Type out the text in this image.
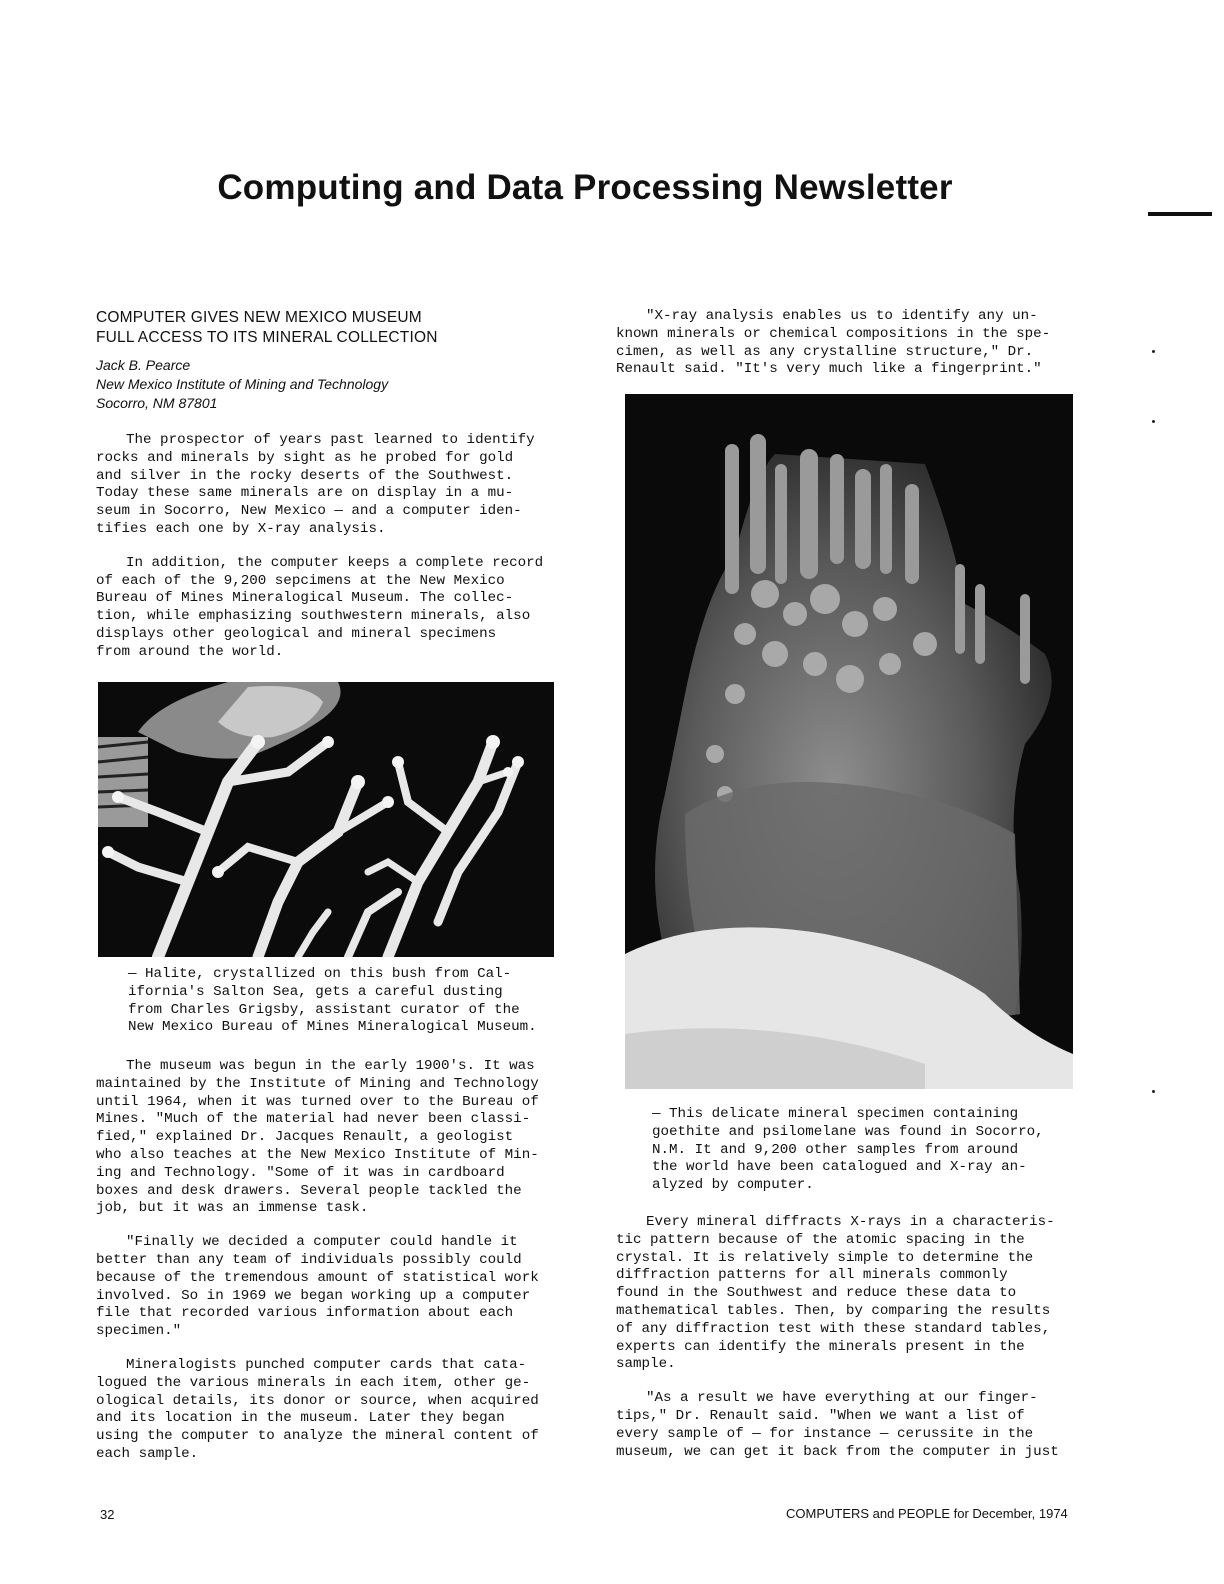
Computing and Data Processing Newsletter

COMPUTER GIVES NEW MEXICO MUSEUM
FULL ACCESS TO ITS MINERAL COLLECTION

Jack B. Pearce
New Mexico Institute of Mining and Technology
Socorro, NM 87801

The prospector of years past learned to identify
rocks and minerals by sight as he probed for gold
and silver in the rocky deserts of the Southwest.
Today these same minerals are on display in a mu-
seum in Socorro, New Mexico — and a computer iden-
tifies each one by X-ray analysis.

In addition, the computer keeps a complete record
of each of the 9,200 sepcimens at the New Mexico
Bureau of Mines Mineralogical Museum. The collec-
tion, while emphasizing southwestern minerals, also
displays other geological and mineral specimens
from around the world.

— Halite, crystallized on this bush from Cal-
ifornia's Salton Sea, gets a careful dusting
from Charles Grigsby, assistant curator of the
New Mexico Bureau of Mines Mineralogical Museum.

The museum was begun in the early 1900's. It was
maintained by the Institute of Mining and Technology
until 1964, when it was turned over to the Bureau of
Mines. "Much of the material had never been classi-
fied," explained Dr. Jacques Renault, a geologist
who also teaches at the New Mexico Institute of Min-
ing and Technology. "Some of it was in cardboard
boxes and desk drawers. Several people tackled the
job, but it was an immense task.

"Finally we decided a computer could handle it
better than any team of individuals possibly could
because of the tremendous amount of statistical work
involved. So in 1969 we began working up a computer
file that recorded various information about each
specimen."

Mineralogists punched computer cards that cata-
logued the various minerals in each item, other ge-
ological details, its donor or source, when acquired
and its location in the museum. Later they began
using the computer to analyze the mineral content of
each sample.

"X-ray analysis enables us to identify any un-
known minerals or chemical compositions in the spe-
cimen, as well as any crystalline structure," Dr.
Renault said. "It's very much like a fingerprint."

— This delicate mineral specimen containing
goethite and psilomelane was found in Socorro,
N.M. It and 9,200 other samples from around
the world have been catalogued and X-ray an-
alyzed by computer.

Every mineral diffracts X-rays in a characteris-
tic pattern because of the atomic spacing in the
crystal. It is relatively simple to determine the
diffraction patterns for all minerals commonly
found in the Southwest and reduce these data to
mathematical tables. Then, by comparing the results
of any diffraction test with these standard tables,
experts can identify the minerals present in the
sample.

"As a result we have everything at our finger-
tips," Dr. Renault said. "When we want a list of
every sample of — for instance — cerussite in the
museum, we can get it back from the computer in just

32	COMPUTERS and PEOPLE for December, 1974
